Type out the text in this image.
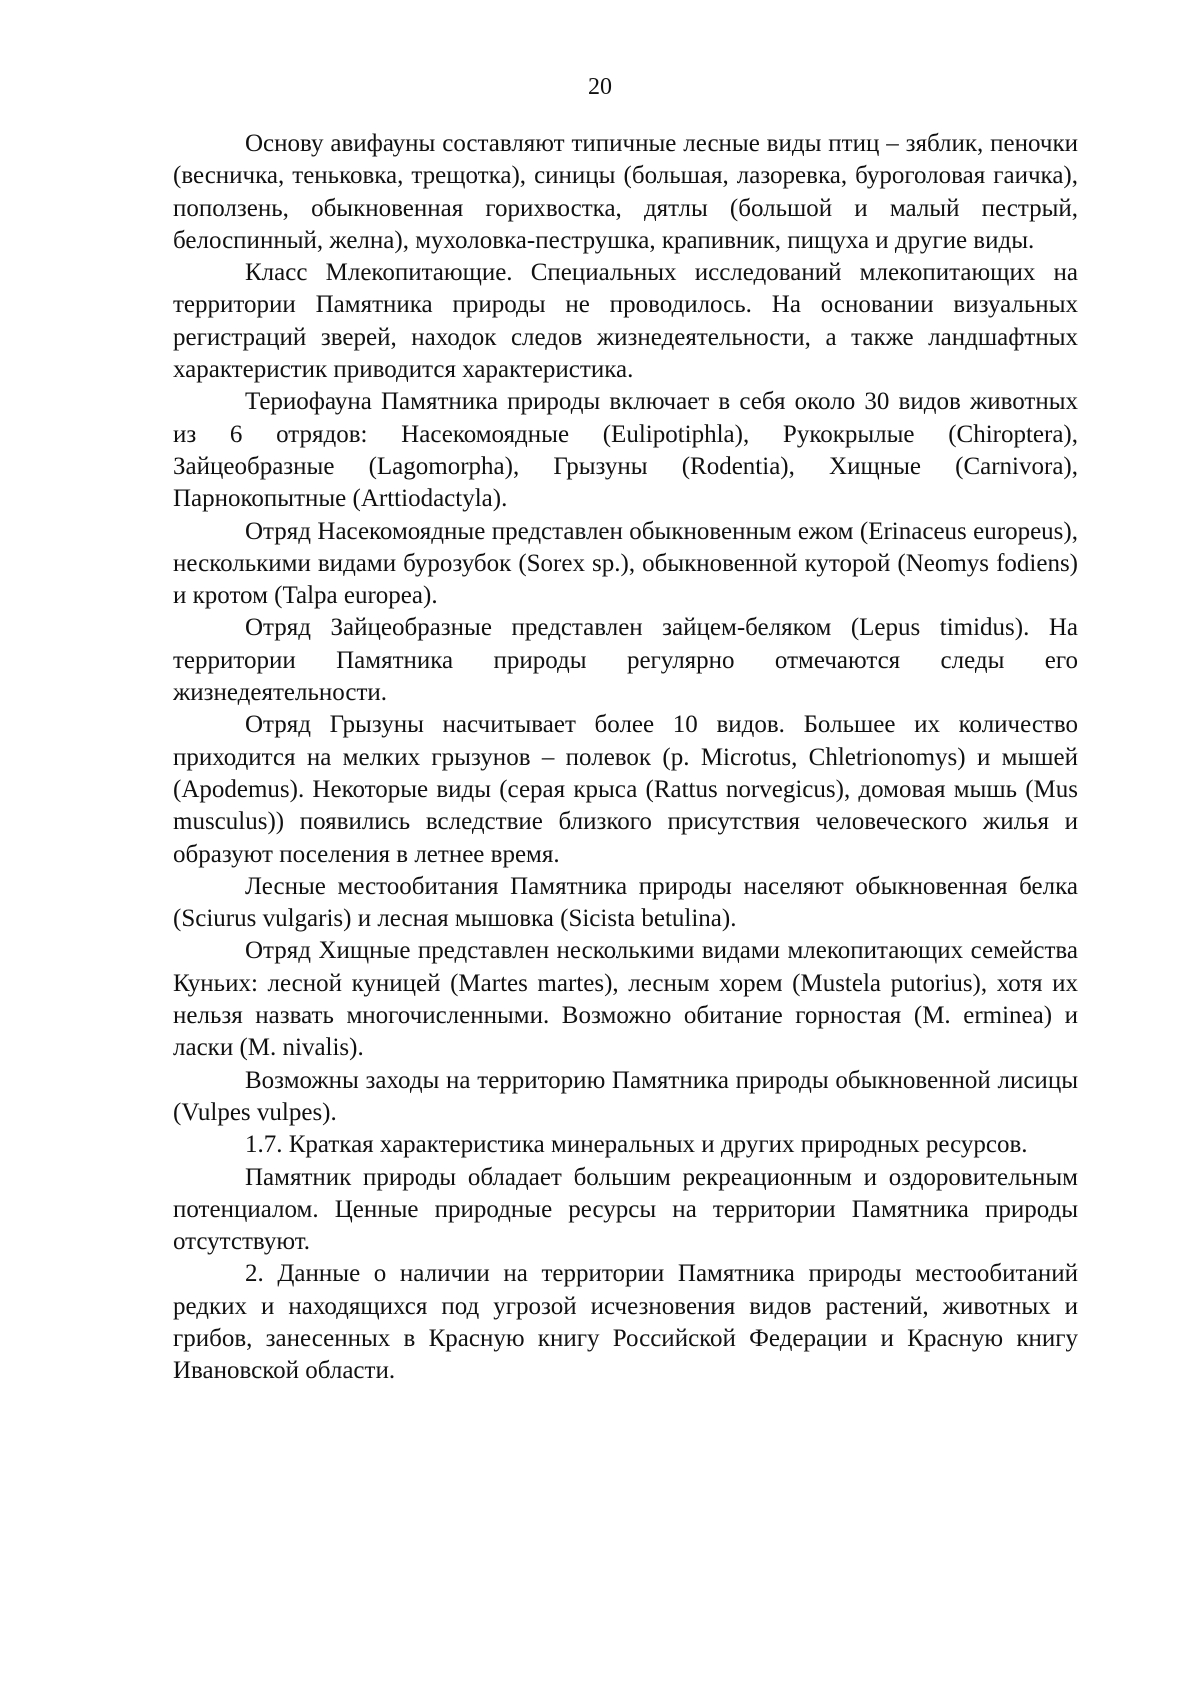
20

Основу авифауны составляют типичные лесные виды птиц – зяблик, пеночки (весничка, теньковка, трещотка), синицы (большая, лазоревка, буроголовая гаичка), поползень, обыкновенная горихвостка, дятлы (большой и малый пестрый, белоспинный, желна), мухоловка-пеструшка, крапивник, пищуха и другие виды.

Класс Млекопитающие. Специальных исследований млекопитающих на территории Памятника природы не проводилось. На основании визуальных регистраций зверей, находок следов жизнедеятельности, а также ландшафтных характеристик приводится характеристика.

Териофауна Памятника природы включает в себя около 30 видов животных из 6 отрядов: Насекомоядные (Eulipotiphla), Рукокрылые (Chiroptera), Зайцеобразные (Lagomorpha), Грызуны (Rodentia), Хищные (Carnivora), Парнокопытные (Arttiodactyla).

Отряд Насекомоядные представлен обыкновенным ежом (Erinaceus europeus), несколькими видами бурозубок (Sorex sp.), обыкновенной куторой (Neomys fodiens) и кротом (Talpa europea).

Отряд Зайцеобразные представлен зайцем-беляком (Lepus timidus). На территории Памятника природы регулярно отмечаются следы его жизнедеятельности.

Отряд Грызуны насчитывает более 10 видов. Большее их количество приходится на мелких грызунов – полевок (р. Microtus, Chletrionomys) и мышей (Apodemus). Некоторые виды (серая крыса (Rattus norvegicus), домовая мышь (Mus musculus)) появились вследствие близкого присутствия человеческого жилья и образуют поселения в летнее время.

Лесные местообитания Памятника природы населяют обыкновенная белка (Sciurus vulgaris) и лесная мышовка (Sicista betulina).

Отряд Хищные представлен несколькими видами млекопитающих семейства Куньих: лесной куницей (Martes martes), лесным хорем (Mustela putorius), хотя их нельзя назвать многочисленными. Возможно обитание горностая (M. erminea) и ласки (M. nivalis).

Возможны заходы на территорию Памятника природы обыкновенной лисицы (Vulpes vulpes).

1.7. Краткая характеристика минеральных и других природных ресурсов.

Памятник природы обладает большим рекреационным и оздоровительным потенциалом. Ценные природные ресурсы на территории Памятника природы отсутствуют.

2. Данные о наличии на территории Памятника природы местообитаний редких и находящихся под угрозой исчезновения видов растений, животных и грибов, занесенных в Красную книгу Российской Федерации и Красную книгу Ивановской области.
